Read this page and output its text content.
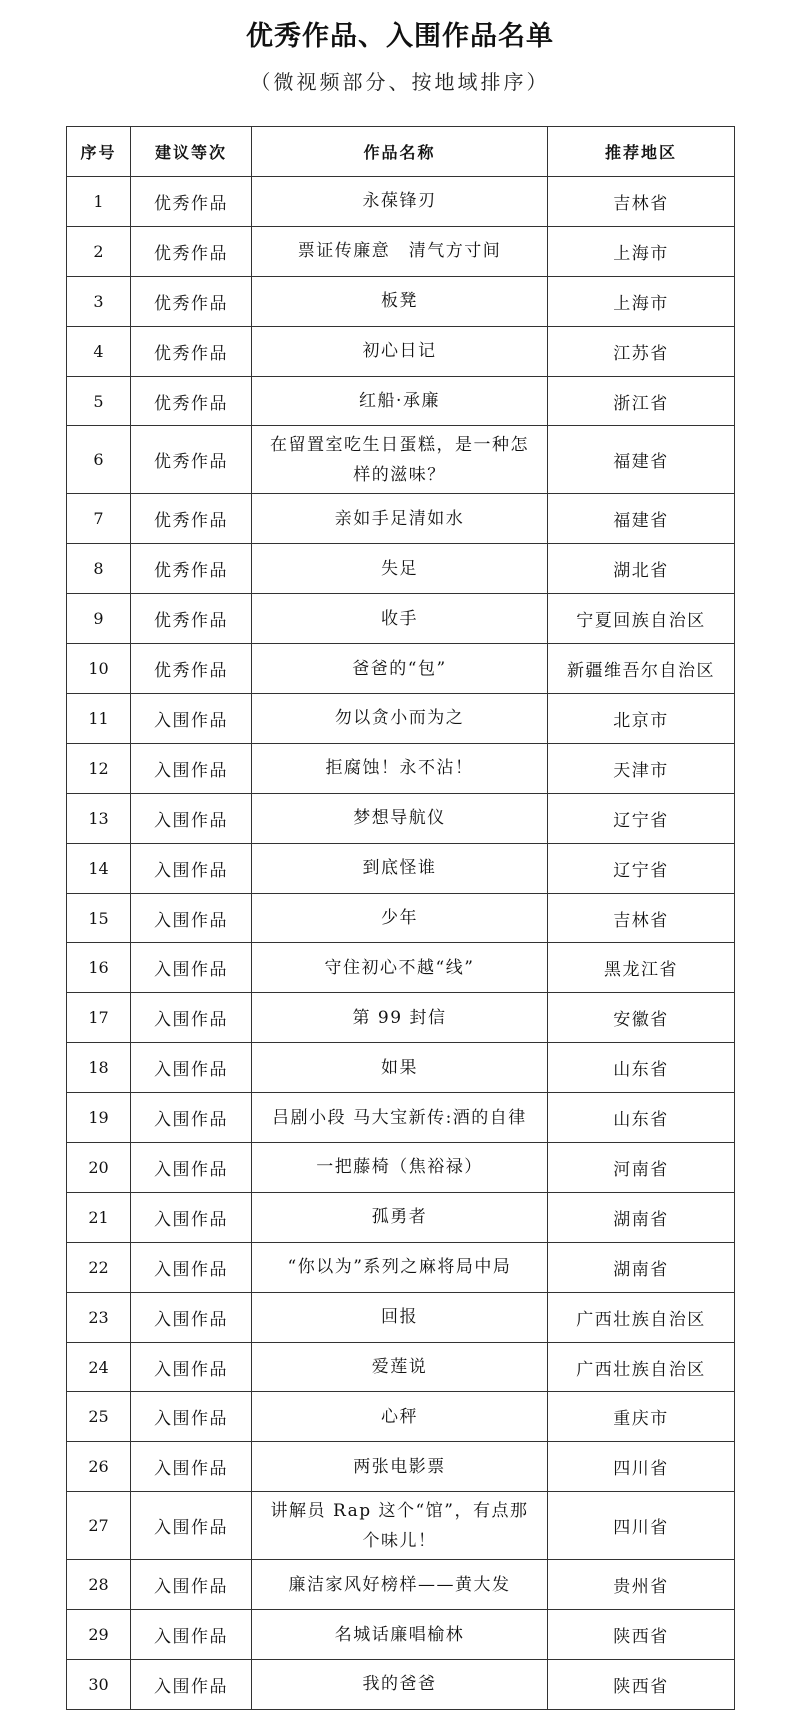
优秀作品、入围作品名单
（微视频部分、按地域排序）
序号	建议等次	作品名称	推荐地区
1	优秀作品	永葆锋刃	吉林省
2	优秀作品	票证传廉意　清气方寸间	上海市
3	优秀作品	板凳	上海市
4	优秀作品	初心日记	江苏省
5	优秀作品	红船·承廉	浙江省
6	优秀作品	在留置室吃生日蛋糕，是一种怎样的滋味？	福建省
7	优秀作品	亲如手足清如水	福建省
8	优秀作品	失足	湖北省
9	优秀作品	收手	宁夏回族自治区
10	优秀作品	爸爸的“包”	新疆维吾尔自治区
11	入围作品	勿以贪小而为之	北京市
12	入围作品	拒腐蚀！永不沾！	天津市
13	入围作品	梦想导航仪	辽宁省
14	入围作品	到底怪谁	辽宁省
15	入围作品	少年	吉林省
16	入围作品	守住初心不越“线”	黑龙江省
17	入围作品	第 99 封信	安徽省
18	入围作品	如果	山东省
19	入围作品	吕剧小段 马大宝新传:酒的自律	山东省
20	入围作品	一把藤椅（焦裕禄）	河南省
21	入围作品	孤勇者	湖南省
22	入围作品	“你以为”系列之麻将局中局	湖南省
23	入围作品	回报	广西壮族自治区
24	入围作品	爱莲说	广西壮族自治区
25	入围作品	心秤	重庆市
26	入围作品	两张电影票	四川省
27	入围作品	讲解员 Rap 这个“馆”，有点那个味儿！	四川省
28	入围作品	廉洁家风好榜样——黄大发	贵州省
29	入围作品	名城话廉唱榆林	陕西省
30	入围作品	我的爸爸	陕西省
